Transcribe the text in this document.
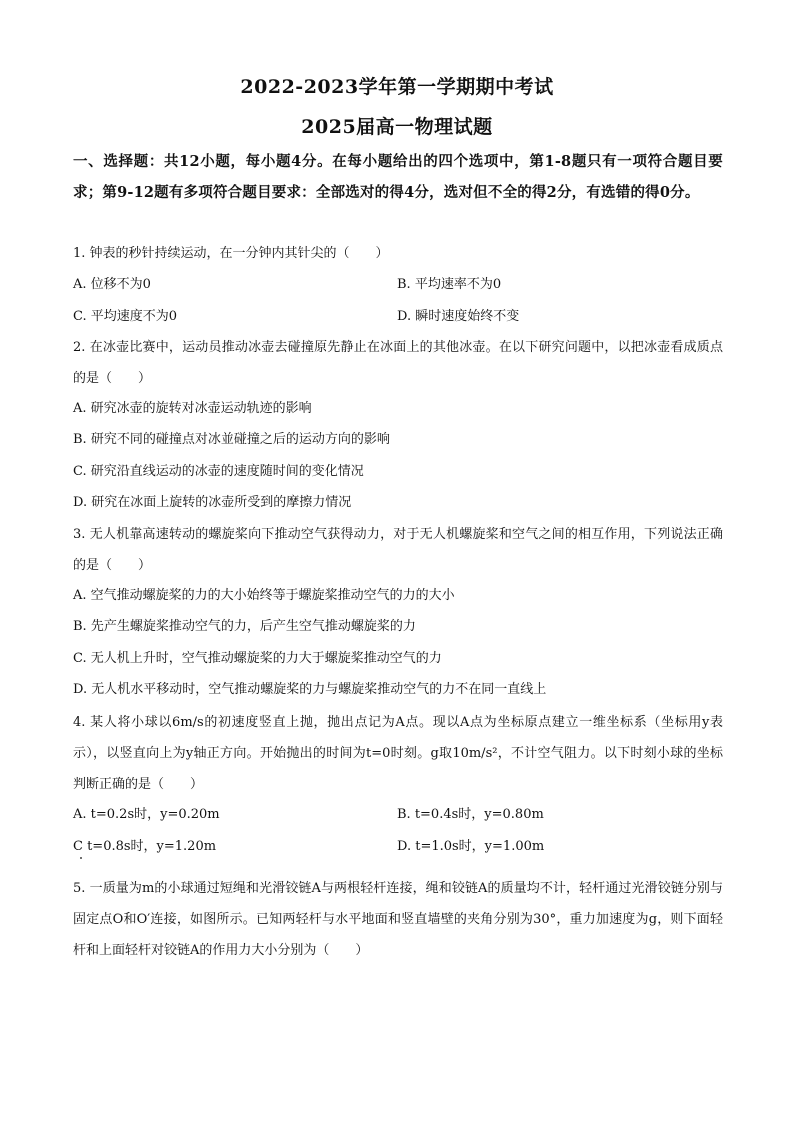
2022-2023学年第一学期期中考试
2025届高一物理试题
一、选择题：共12小题，每小题4分。在每小题给出的四个选项中，第1-8题只有一项符合题目要求；第9-12题有多项符合题目要求：全部选对的得4分，选对但不全的得2分，有选错的得0分。
1. 钟表的秒针持续运动，在一分钟内其针尖的（　　）
A. 位移不为0	B. 平均速率不为0
C. 平均速度不为0	D. 瞬时速度始终不变
2. 在冰壶比赛中，运动员推动冰壶去碰撞原先静止在冰面上的其他冰壶。在以下研究问题中，以把冰壶看成质点的是（　　）
A. 研究冰壶的旋转对冰壶运动轨迹的影响
B. 研究不同的碰撞点对冰並碰撞之后的运动方向的影响
C. 研究沿直线运动的冰壶的速度随时间的变化情况
D. 研究在冰面上旋转的冰壶所受到的摩擦力情况
3. 无人机靠高速转动的螺旋桨向下推动空气获得动力，对于无人机螺旋桨和空气之间的相互作用，下列说法正确的是（　　）
A. 空气推动螺旋桨的力的大小始终等于螺旋桨推动空气的力的大小
B. 先产生螺旋桨推动空气的力，后产生空气推动螺旋桨的力
C. 无人机上升时，空气推动螺旋桨的力大于螺旋桨推动空气的力
D. 无人机水平移动时，空气推动螺旋桨的力与螺旋桨推动空气的力不在同一直线上
4. 某人将小球以6m/s的初速度竖直上抛，抛出点记为A点。现以A点为坐标原点建立一维坐标系（坐标用y表示），以竖直向上为y轴正方向。开始抛出的时间为t=0时刻。g取10m/s²，不计空气阻力。以下时刻小球的坐标判断正确的是（　　）
A. t=0.2s时，y=0.20m	B. t=0.4s时，y=0.80m
C t=0.8s时，y=1.20m	D. t=1.0s时，y=1.00m
5. 一质量为m的小球通过短绳和光滑铰链A与两根轻杆连接，绳和铰链A的质量均不计，轻杆通过光滑铰链分别与固定点O和O′连接，如图所示。已知两轻杆与水平地面和竖直墙壁的夹角分别为30°，重力加速度为g，则下面轻杆和上面轻杆对铰链A的作用力大小分别为（　　）
